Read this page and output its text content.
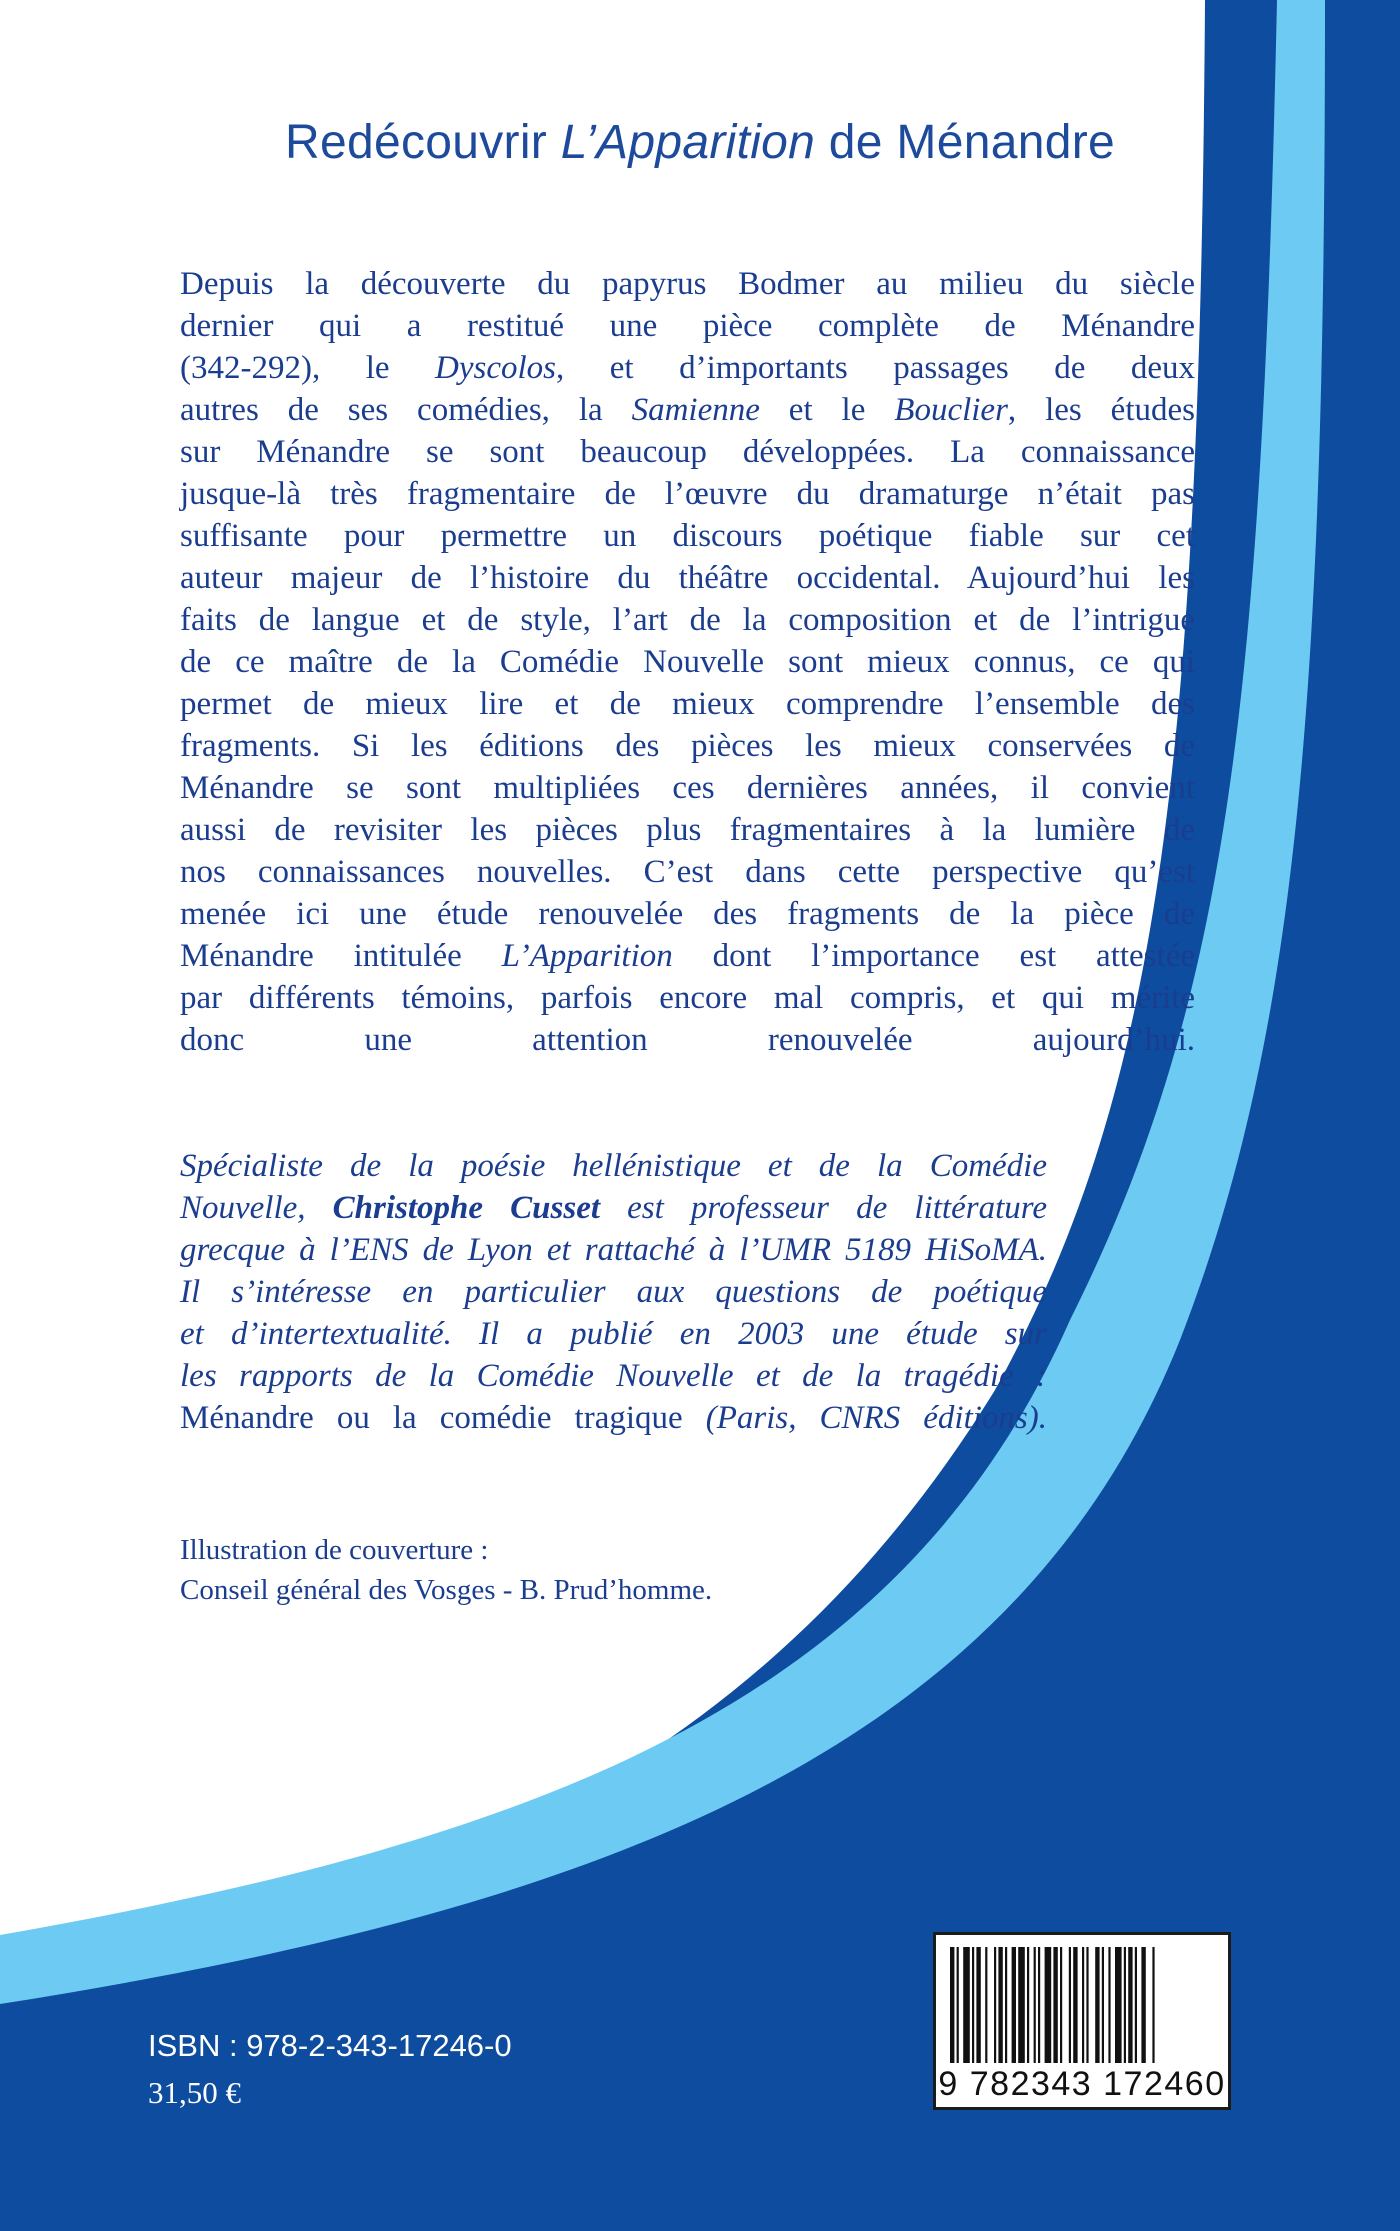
Redécouvrir L’Apparition de Ménandre
Depuis la découverte du papyrus Bodmer au milieu du siècle
dernier qui a restitué une pièce complète de Ménandre
(342-292), le Dyscolos, et d’importants passages de deux
autres de ses comédies, la Samienne et le Bouclier, les études
sur Ménandre se sont beaucoup développées. La connaissance
jusque-là très fragmentaire de l’œuvre du dramaturge n’était pas
suffisante pour permettre un discours poétique fiable sur cet
auteur majeur de l’histoire du théâtre occidental. Aujourd’hui les
faits de langue et de style, l’art de la composition et de l’intrigue
de ce maître de la Comédie Nouvelle sont mieux connus, ce qui
permet de mieux lire et de mieux comprendre l’ensemble des
fragments. Si les éditions des pièces les mieux conservées de
Ménandre se sont multipliées ces dernières années, il convient
aussi de revisiter les pièces plus fragmentaires à la lumière de
nos connaissances nouvelles. C’est dans cette perspective qu’est
menée ici une étude renouvelée des fragments de la pièce de
Ménandre intitulée L’Apparition dont l’importance est attestée
par différents témoins, parfois encore mal compris, et qui mérite
donc une attention renouvelée aujourd’hui.
Spécialiste de la poésie hellénistique et de la Comédie
Nouvelle, Christophe Cusset est professeur de littérature
grecque à l’ENS de Lyon et rattaché à l’UMR 5189 HiSoMA.
Il s’intéresse en particulier aux questions de poétique
et d’intertextualité. Il a publié en 2003 une étude sur
les rapports de la Comédie Nouvelle et de la tragédie :
Ménandre ou la comédie tragique (Paris, CNRS éditions).
Illustration de couverture :
Conseil général des Vosges - B. Prud’homme.
9 782343 172460
ISBN : 978-2-343-17246-0
31,50 €
